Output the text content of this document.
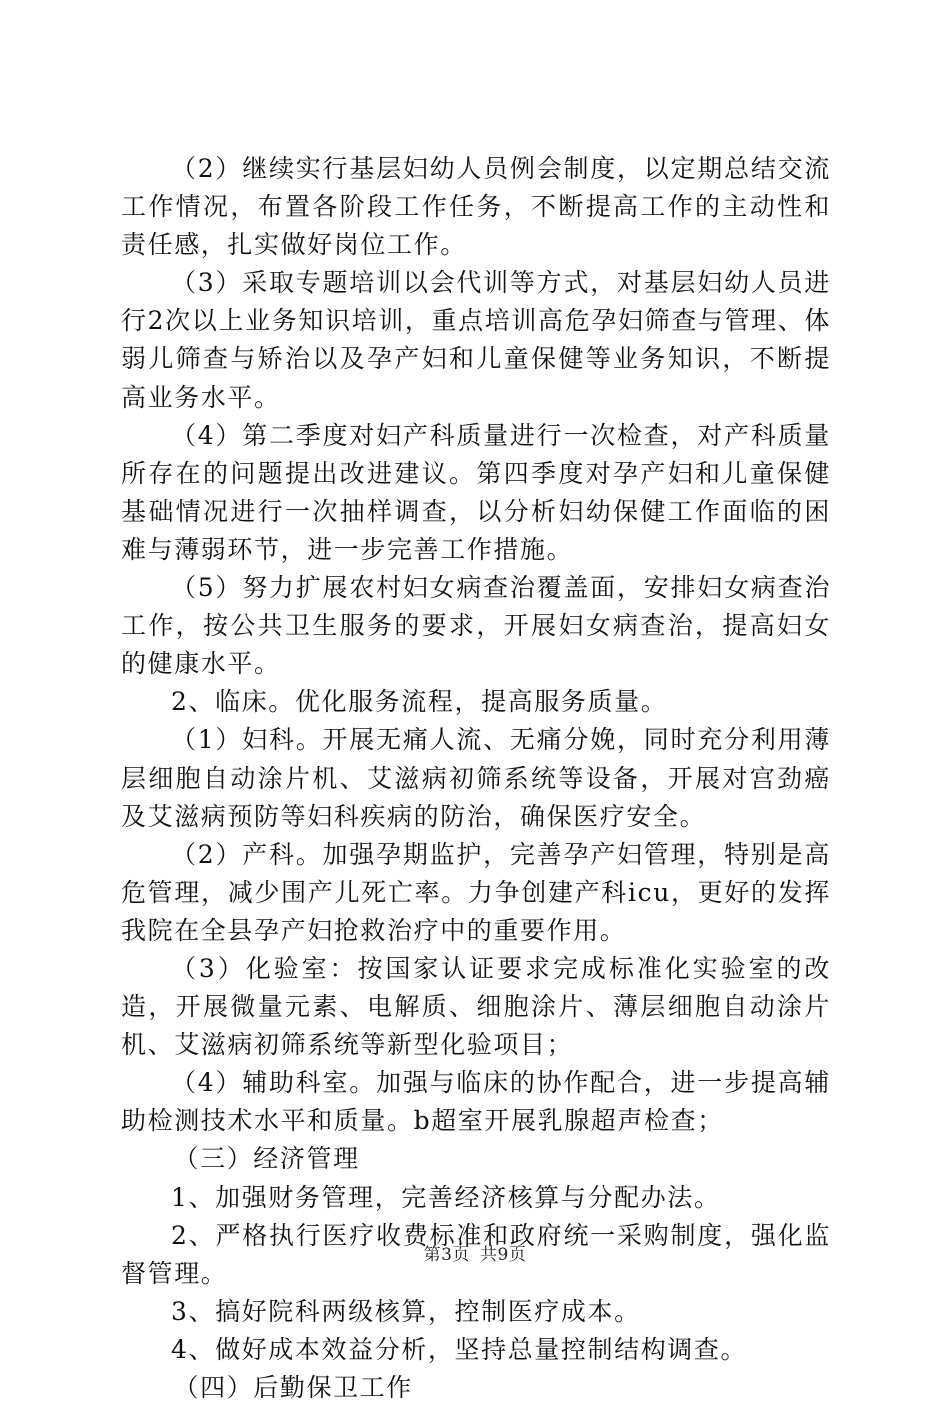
（2）继续实行基层妇幼人员例会制度，以定期总结交流工作情况，布置各阶段工作任务，不断提高工作的主动性和责任感，扎实做好岗位工作。

（3）采取专题培训以会代训等方式，对基层妇幼人员进行2次以上业务知识培训，重点培训高危孕妇筛查与管理、体弱儿筛查与矫治以及孕产妇和儿童保健等业务知识，不断提高业务水平。

（4）第二季度对妇产科质量进行一次检查，对产科质量所存在的问题提出改进建议。第四季度对孕产妇和儿童保健基础情况进行一次抽样调查，以分析妇幼保健工作面临的困难与薄弱环节，进一步完善工作措施。

（5）努力扩展农村妇女病查治覆盖面，安排妇女病查治工作，按公共卫生服务的要求，开展妇女病查治，提高妇女的健康水平。

2、临床。优化服务流程，提高服务质量。

（1）妇科。开展无痛人流、无痛分娩，同时充分利用薄层细胞自动涂片机、艾滋病初筛系统等设备，开展对宫劲癌及艾滋病预防等妇科疾病的防治，确保医疗安全。

（2）产科。加强孕期监护，完善孕产妇管理，特别是高危管理，减少围产儿死亡率。力争创建产科icu，更好的发挥我院在全县孕产妇抢救治疗中的重要作用。

（3）化验室：按国家认证要求完成标准化实验室的改造，开展微量元素、电解质、细胞涂片、薄层细胞自动涂片机、艾滋病初筛系统等新型化验项目；

（4）辅助科室。加强与临床的协作配合，进一步提高辅助检测技术水平和质量。b超室开展乳腺超声检查；

（三）经济管理

1、加强财务管理，完善经济核算与分配办法。

2、严格执行医疗收费标准和政府统一采购制度，强化监督管理。

3、搞好院科两级核算，控制医疗成本。

4、做好成本效益分析，坚持总量控制结构调查。

（四）后勤保卫工作

第3页 共9页
